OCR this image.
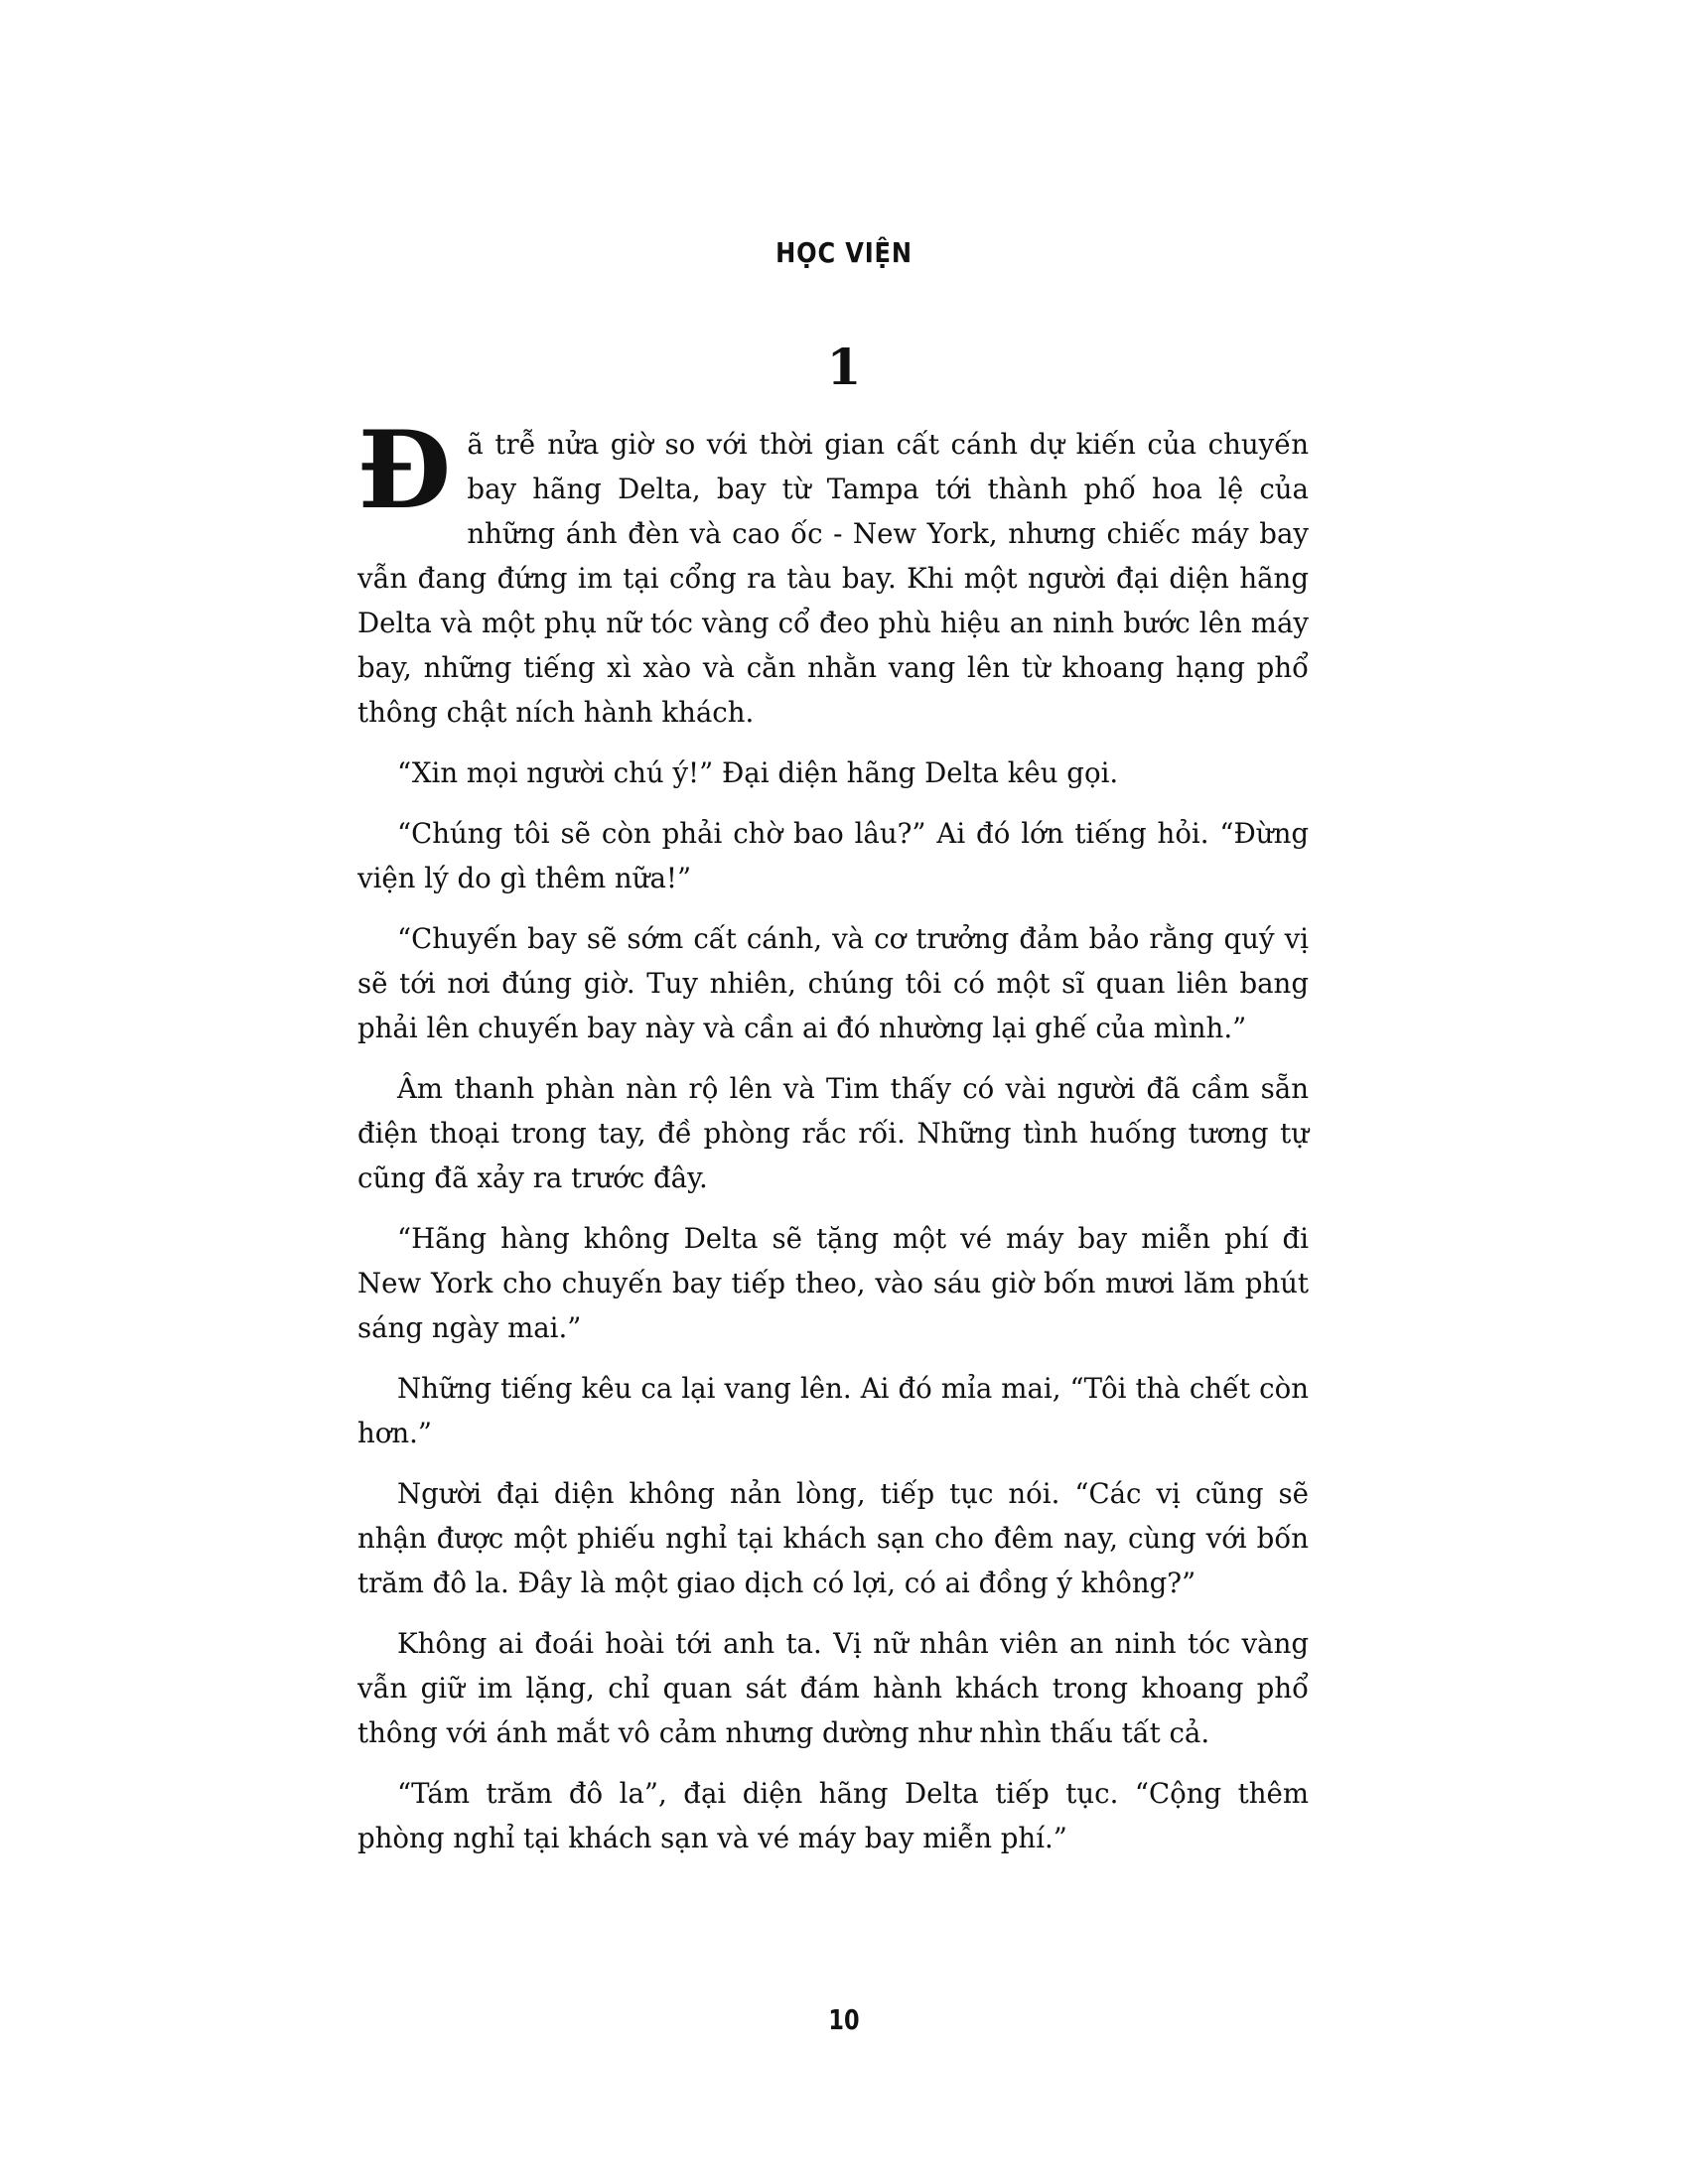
HỌC VIỆN
1

Đã trễ nửa giờ so với thời gian cất cánh dự kiến của chuyến bay hãng Delta, bay từ Tampa tới thành phố hoa lệ của những ánh đèn và cao ốc - New York, nhưng chiếc máy bay vẫn đang đứng im tại cổng ra tàu bay. Khi một người đại diện hãng Delta và một phụ nữ tóc vàng cổ đeo phù hiệu an ninh bước lên máy bay, những tiếng xì xào và cằn nhằn vang lên từ khoang hạng phổ thông chật ních hành khách.

“Xin mọi người chú ý!” Đại diện hãng Delta kêu gọi.

“Chúng tôi sẽ còn phải chờ bao lâu?” Ai đó lớn tiếng hỏi. “Đừng viện lý do gì thêm nữa!”

“Chuyến bay sẽ sớm cất cánh, và cơ trưởng đảm bảo rằng quý vị sẽ tới nơi đúng giờ. Tuy nhiên, chúng tôi có một sĩ quan liên bang phải lên chuyến bay này và cần ai đó nhường lại ghế của mình.”

Âm thanh phàn nàn rộ lên và Tim thấy có vài người đã cầm sẵn điện thoại trong tay, đề phòng rắc rối. Những tình huống tương tự cũng đã xảy ra trước đây.

“Hãng hàng không Delta sẽ tặng một vé máy bay miễn phí đi New York cho chuyến bay tiếp theo, vào sáu giờ bốn mươi lăm phút sáng ngày mai.”

Những tiếng kêu ca lại vang lên. Ai đó mỉa mai, “Tôi thà chết còn hơn.”

Người đại diện không nản lòng, tiếp tục nói. “Các vị cũng sẽ nhận được một phiếu nghỉ tại khách sạn cho đêm nay, cùng với bốn trăm đô la. Đây là một giao dịch có lợi, có ai đồng ý không?”

Không ai đoái hoài tới anh ta. Vị nữ nhân viên an ninh tóc vàng vẫn giữ im lặng, chỉ quan sát đám hành khách trong khoang phổ thông với ánh mắt vô cảm nhưng dường như nhìn thấu tất cả.

“Tám trăm đô la”, đại diện hãng Delta tiếp tục. “Cộng thêm phòng nghỉ tại khách sạn và vé máy bay miễn phí.”

10
